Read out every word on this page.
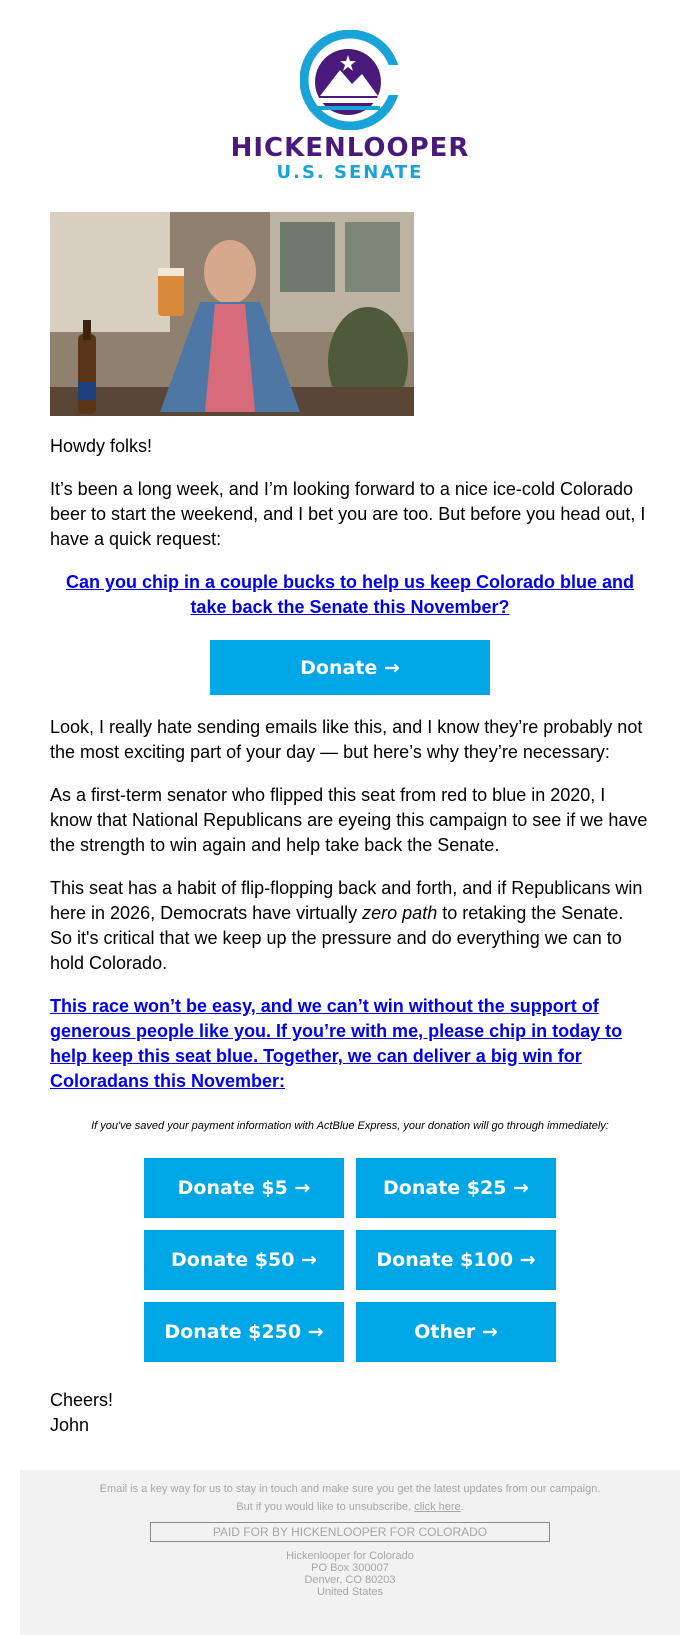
HICKENLOOPER
U.S. SENATE

Howdy folks!

It’s been a long week, and I’m looking forward to a nice ice-cold Colorado beer to start the weekend, and I bet you are too. But before you head out, I have a quick request:

Can you chip in a couple bucks to help us keep Colorado blue and take back the Senate this November?

Donate →

Look, I really hate sending emails like this, and I know they’re probably not the most exciting part of your day — but here’s why they’re necessary:

As a first-term senator who flipped this seat from red to blue in 2020, I know that National Republicans are eyeing this campaign to see if we have the strength to win again and help take back the Senate.

This seat has a habit of flip-flopping back and forth, and if Republicans win here in 2026, Democrats have virtually zero path to retaking the Senate. So it's critical that we keep up the pressure and do everything we can to hold Colorado.

This race won’t be easy, and we can’t win without the support of generous people like you. If you’re with me, please chip in today to help keep this seat blue. Together, we can deliver a big win for Coloradans this November:

If you've saved your payment information with ActBlue Express, your donation will go through immediately:
Donate $5 →	Donate $25 →
Donate $50 →	Donate $100 →
Donate $250 →	Other →

Cheers!

John

Email is a key way for us to stay in touch and make sure you get the latest updates from our campaign.
But if you would like to unsubscribe, click here.
PAID FOR BY HICKENLOOPER FOR COLORADO
Hickenlooper for Colorado
PO Box 300007
Denver, CO 80203
United States
